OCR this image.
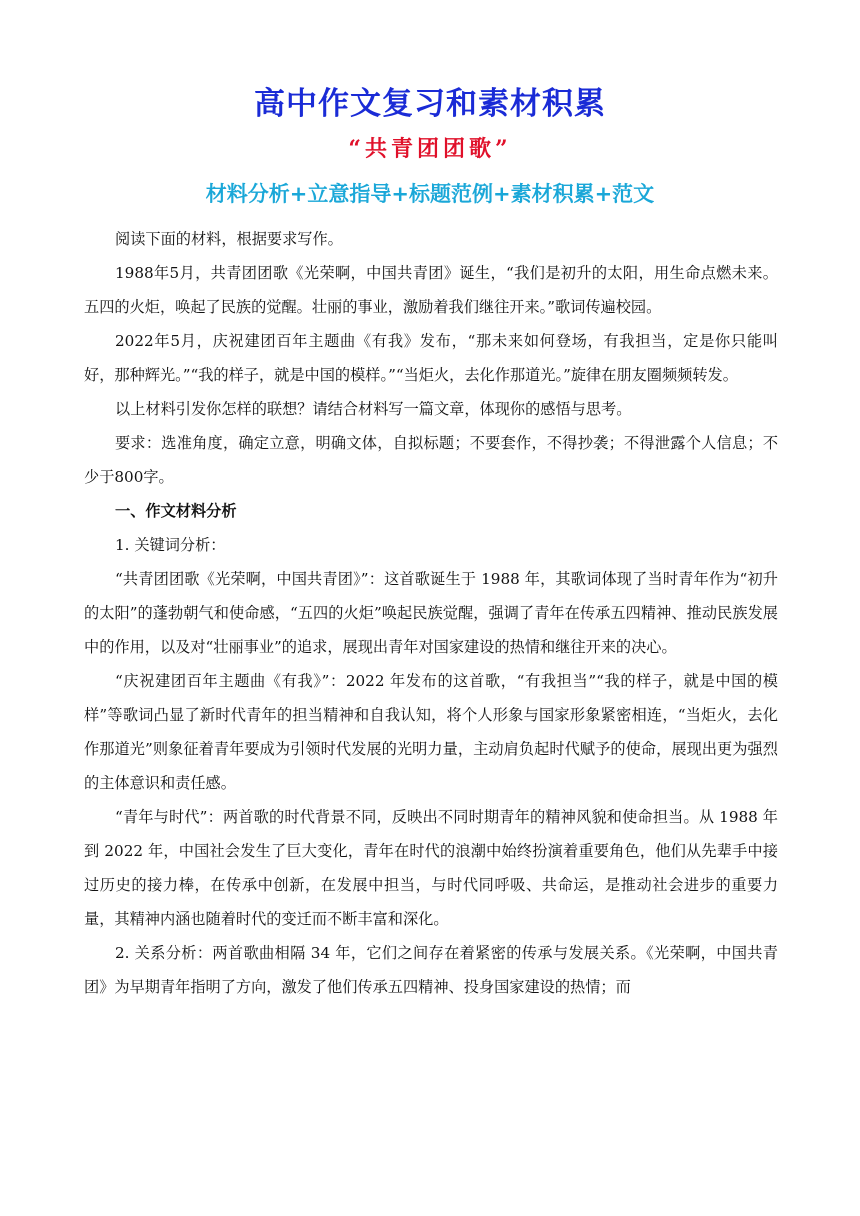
高中作文复习和素材积累
“共青团团歌”
材料分析+立意指导+标题范例+素材积累+范文

阅读下面的材料，根据要求写作。

1988年5月，共青团团歌《光荣啊，中国共青团》诞生，“我们是初升的太阳，用生命点燃未来。五四的火炬，唤起了民族的觉醒。壮丽的事业，激励着我们继往开来。”歌词传遍校园。

2022年5月，庆祝建团百年主题曲《有我》发布，“那未来如何登场，有我担当，定是你只能叫好，那种辉光。”“我的样子，就是中国的模样。”“当炬火，去化作那道光。”旋律在朋友圈频频转发。

以上材料引发你怎样的联想？请结合材料写一篇文章，体现你的感悟与思考。

要求：选准角度，确定立意，明确文体，自拟标题；不要套作，不得抄袭；不得泄露个人信息；不少于800字。

一、作文材料分析

1. 关键词分析：

“共青团团歌《光荣啊，中国共青团》”：这首歌诞生于 1988 年，其歌词体现了当时青年作为“初升的太阳”的蓬勃朝气和使命感，“五四的火炬”唤起民族觉醒，强调了青年在传承五四精神、推动民族发展中的作用，以及对“壮丽事业”的追求，展现出青年对国家建设的热情和继往开来的决心。

“庆祝建团百年主题曲《有我》”：2022 年发布的这首歌，“有我担当”“我的样子，就是中国的模样”等歌词凸显了新时代青年的担当精神和自我认知，将个人形象与国家形象紧密相连，“当炬火，去化作那道光”则象征着青年要成为引领时代发展的光明力量，主动肩负起时代赋予的使命，展现出更为强烈的主体意识和责任感。

“青年与时代”：两首歌的时代背景不同，反映出不同时期青年的精神风貌和使命担当。从 1988 年到 2022 年，中国社会发生了巨大变化，青年在时代的浪潮中始终扮演着重要角色，他们从先辈手中接过历史的接力棒，在传承中创新，在发展中担当，与时代同呼吸、共命运，是推动社会进步的重要力量，其精神内涵也随着时代的变迁而不断丰富和深化。

2. 关系分析：两首歌曲相隔 34 年，它们之间存在着紧密的传承与发展关系。《光荣啊，中国共青团》为早期青年指明了方向，激发了他们传承五四精神、投身国家建设的热情；而
